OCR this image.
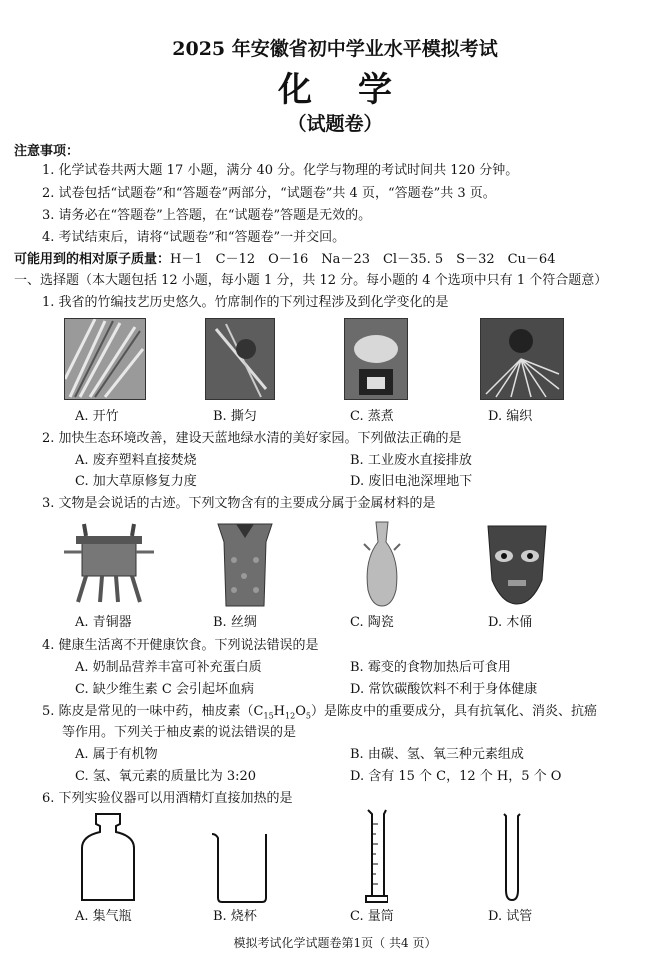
2025 年安徽省初中学业水平模拟考试
化学
（试题卷）
注意事项：
1. 化学试卷共两大题 17 小题，满分 40 分。化学与物理的考试时间共 120 分钟。
2. 试卷包括“试题卷”和“答题卷”两部分，“试题卷”共 4 页，“答题卷”共 3 页。
3. 请务必在“答题卷”上答题，在“试题卷”答题是无效的。
4. 考试结束后，请将“试题卷”和“答题卷”一并交回。
可能用到的相对原子质量：H－1　C－12　O－16　Na－23　Cl－35. 5　S－32　Cu－64
一、选择题（本大题包括 12 小题，每小题 1 分，共 12 分。每小题的 4 个选项中只有 1 个符合题意）
1. 我省的竹编技艺历史悠久。竹席制作的下列过程涉及到化学变化的是
A. 开竹	B. 撕匀	C. 蒸煮	D. 编织
2. 加快生态环境改善，建设天蓝地绿水清的美好家园。下列做法正确的是
A. 废弃塑料直接焚烧	B. 工业废水直接排放
C. 加大草原修复力度	D. 废旧电池深埋地下
3. 文物是会说话的古迹。下列文物含有的主要成分属于金属材料的是
A. 青铜器	B. 丝绸	C. 陶瓷	D. 木俑
4. 健康生活离不开健康饮食。下列说法错误的是
A. 奶制品营养丰富可补充蛋白质	B. 霉变的食物加热后可食用
C. 缺少维生素 C 会引起坏血病	D. 常饮碳酸饮料不利于身体健康
5. 陈皮是常见的一味中药，柚皮素$(C_{15}H_{12}O_5)$是陈皮中的重要成分，具有抗氧化、消炎、抗癌
等作用。下列关于柚皮素的说法错误的是
A. 属于有机物	B. 由碳、氢、氧三种元素组成
C. 氢、氧元素的质量比为 3:20	D. 含有 15 个 C，12 个 H，5 个 O
6. 下列实验仪器可以用酒精灯直接加热的是
A. 集气瓶	B. 烧杯	C. 量筒	D. 试管
模拟考试化学试题卷第1页（ 共4 页）
